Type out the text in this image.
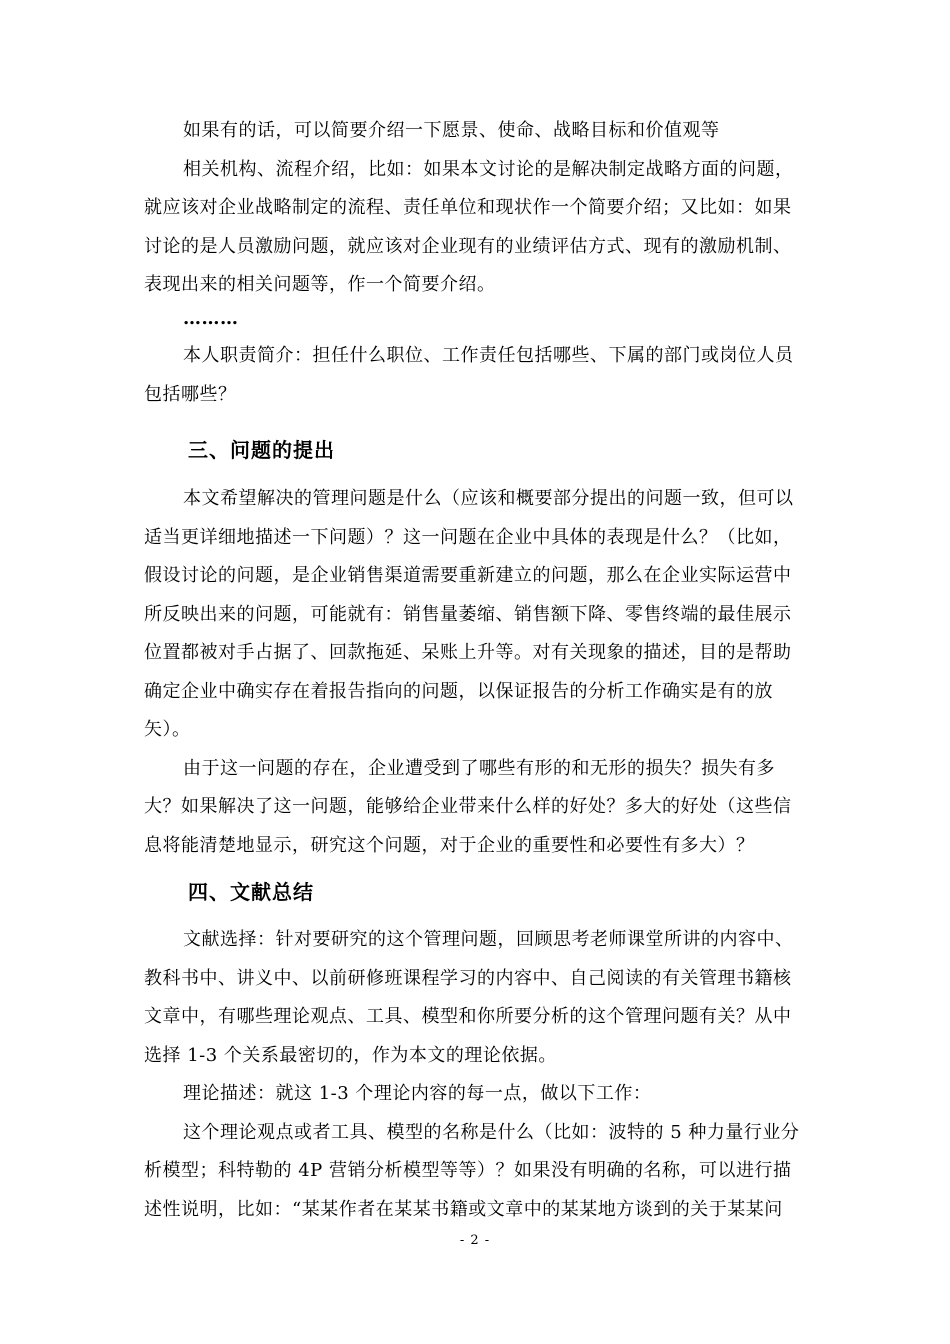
如果有的话，可以简要介绍一下愿景、使命、战略目标和价值观等
相关机构、流程介绍，比如：如果本文讨论的是解决制定战略方面的问题，
就应该对企业战略制定的流程、责任单位和现状作一个简要介绍；又比如：如果
讨论的是人员激励问题，就应该对企业现有的业绩评估方式、现有的激励机制、
表现出来的相关问题等，作一个简要介绍。
………
本人职责简介：担任什么职位、工作责任包括哪些、下属的部门或岗位人员
包括哪些？
三、问题的提出
本文希望解决的管理问题是什么（应该和概要部分提出的问题一致，但可以
适当更详细地描述一下问题）？这一问题在企业中具体的表现是什么？（比如，
假设讨论的问题，是企业销售渠道需要重新建立的问题，那么在企业实际运营中
所反映出来的问题，可能就有：销售量萎缩、销售额下降、零售终端的最佳展示
位置都被对手占据了、回款拖延、呆账上升等。对有关现象的描述，目的是帮助
确定企业中确实存在着报告指向的问题，以保证报告的分析工作确实是有的放
矢）。
由于这一问题的存在，企业遭受到了哪些有形的和无形的损失？损失有多
大？如果解决了这一问题，能够给企业带来什么样的好处？多大的好处（这些信
息将能清楚地显示，研究这个问题，对于企业的重要性和必要性有多大）？
四、文献总结
文献选择：针对要研究的这个管理问题，回顾思考老师课堂所讲的内容中、
教科书中、讲义中、以前研修班课程学习的内容中、自己阅读的有关管理书籍核
文章中，有哪些理论观点、工具、模型和你所要分析的这个管理问题有关？从中
选择 1-3 个关系最密切的，作为本文的理论依据。
理论描述：就这 1-3 个理论内容的每一点，做以下工作：
这个理论观点或者工具、模型的名称是什么（比如：波特的 5 种力量行业分
析模型；科特勒的 4P 营销分析模型等等）？如果没有明确的名称，可以进行描
述性说明，比如：“某某作者在某某书籍或文章中的某某地方谈到的关于某某问
- 2 -
